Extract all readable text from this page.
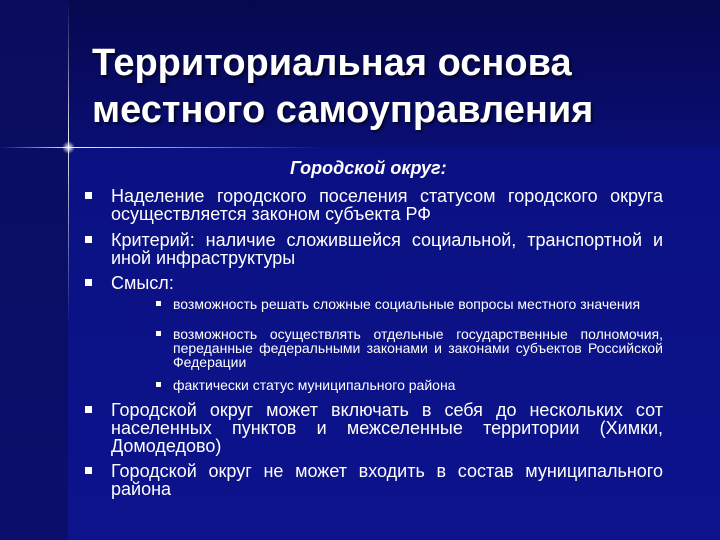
Территориальная основа
местного самоуправления
Городской округ:
Наделение городского поселения статусом городского округа осуществляется законом субъекта РФ
Критерий: наличие сложившейся социальной, транспортной и иной инфраструктуры
Смысл:
возможность решать сложные социальные вопросы местного значения
возможность осуществлять отдельные государственные полномочия, переданные федеральными законами и законами субъектов Российской Федерации
фактически статус муниципального района
Городской округ может включать в себя до нескольких сот населенных пунктов и межселенные территории (Химки, Домодедово)
Городской округ не может входить в состав муниципального района
